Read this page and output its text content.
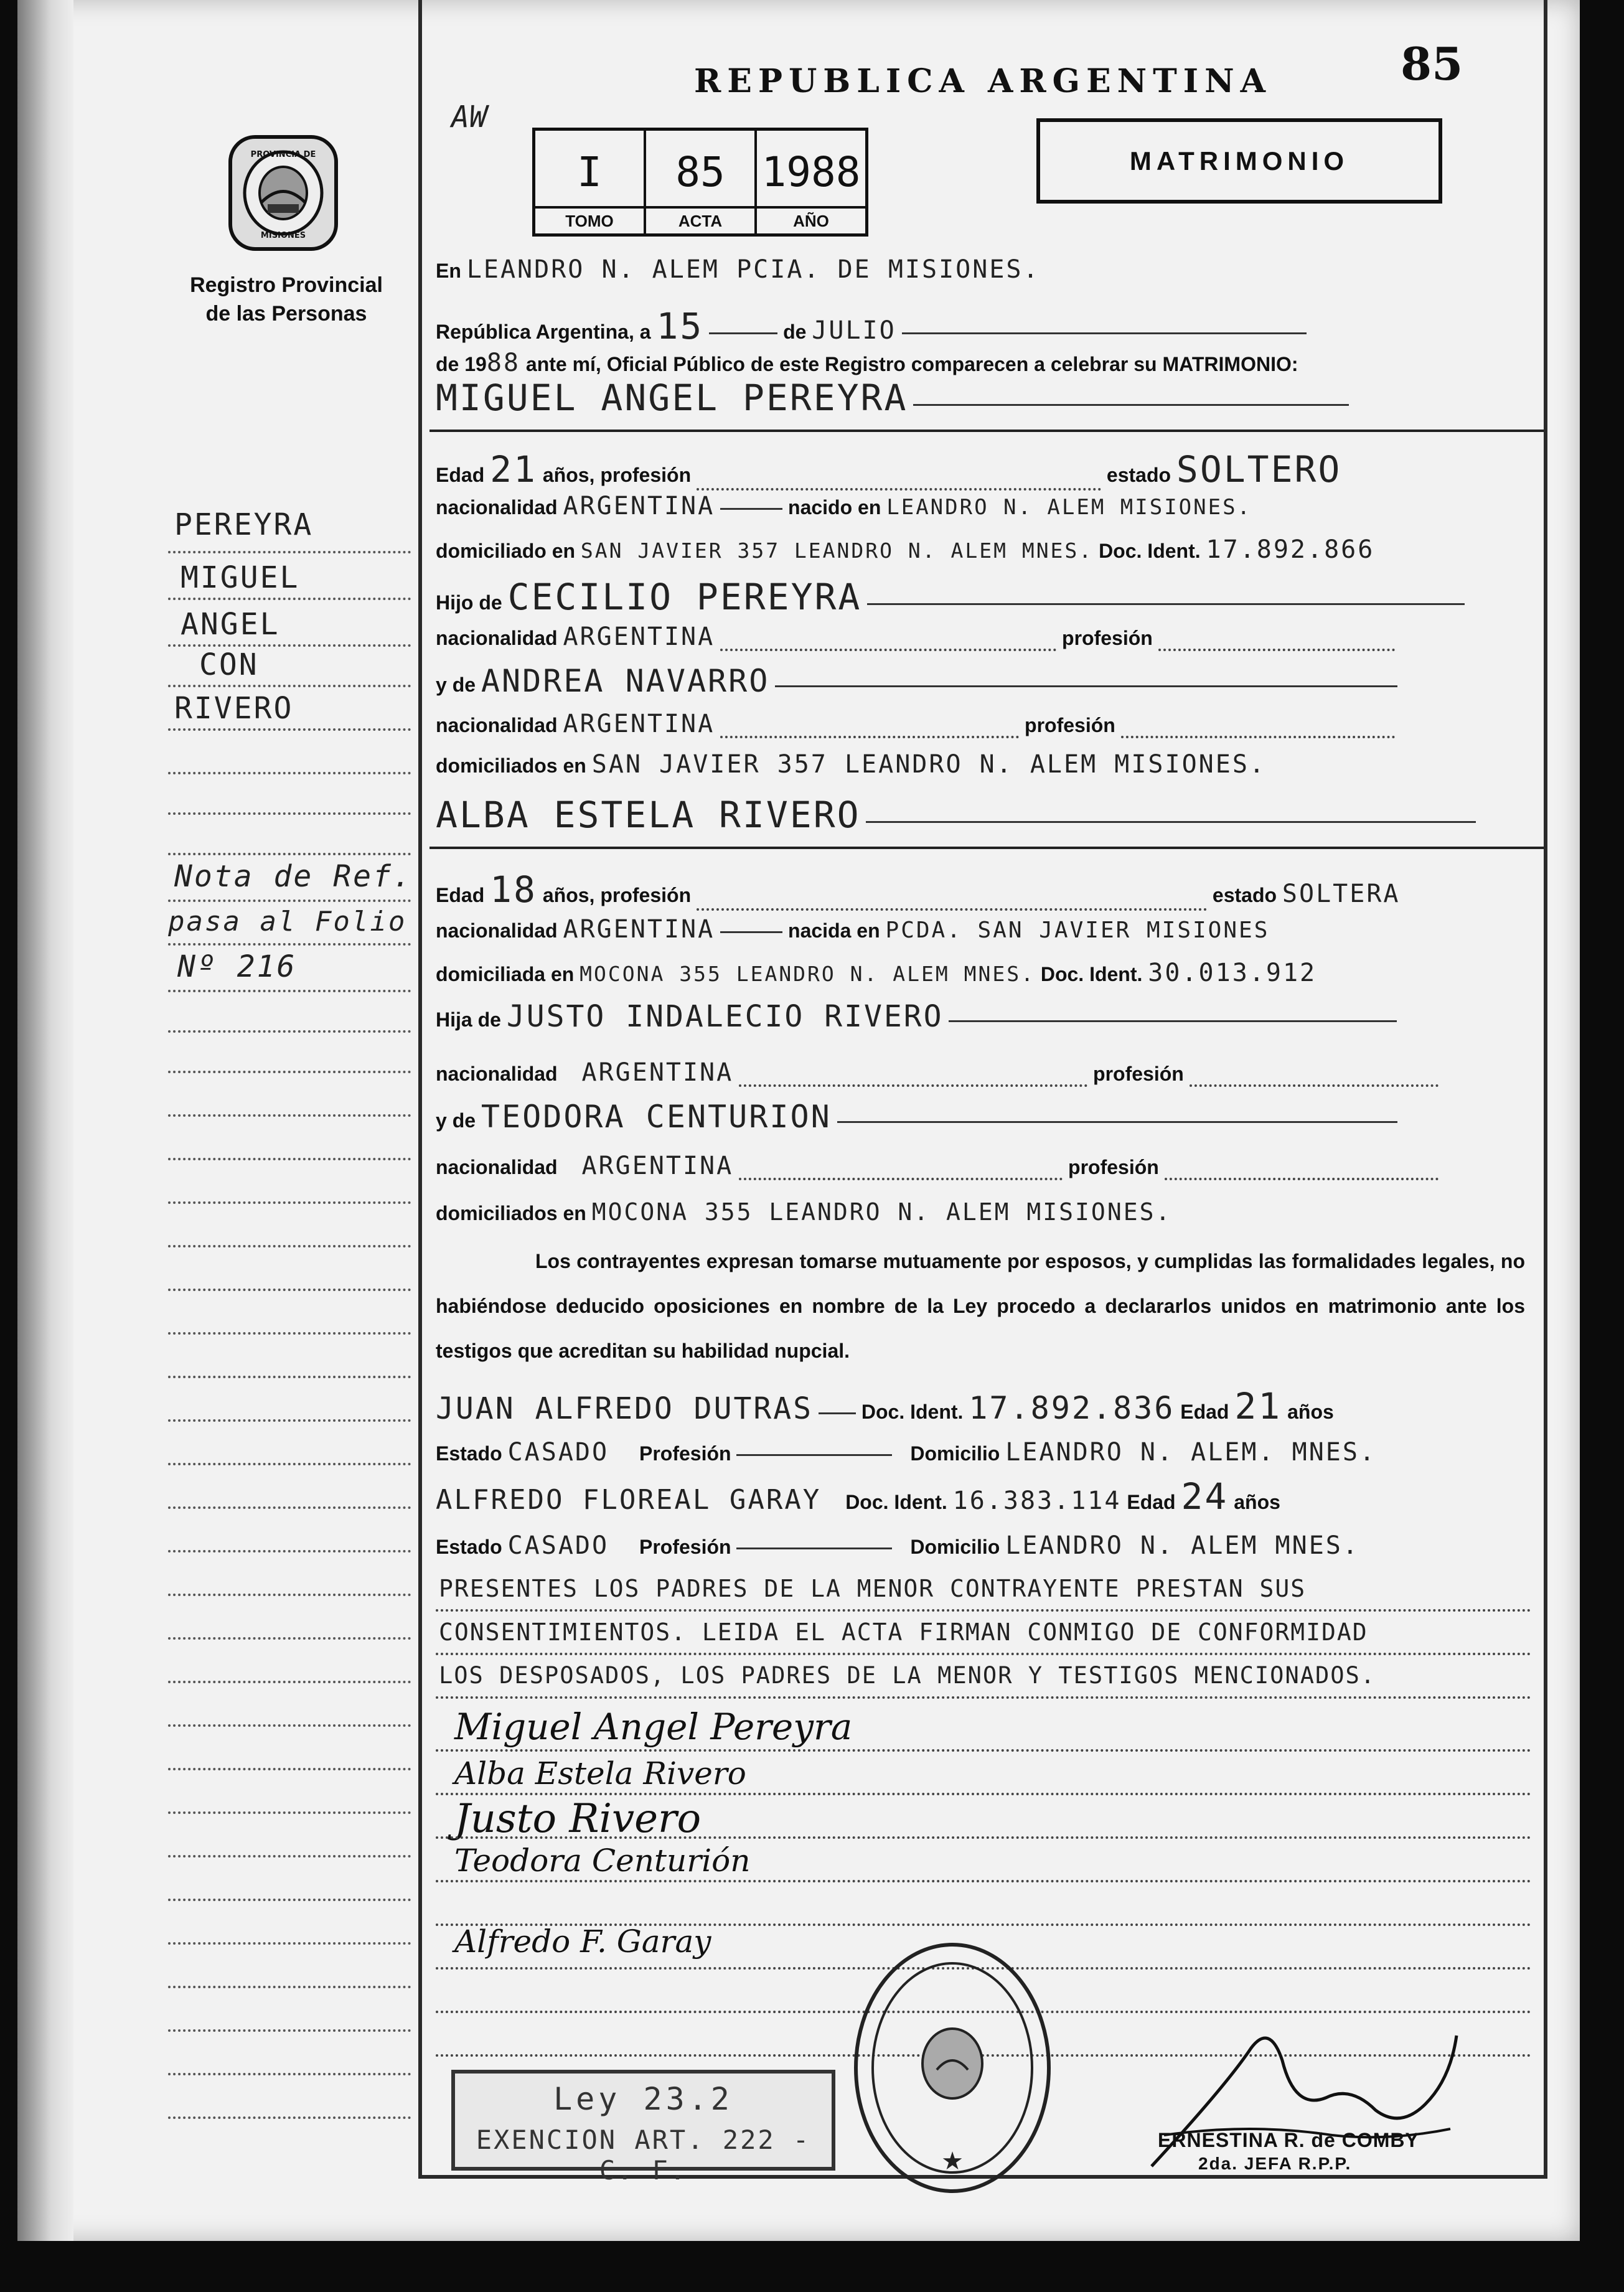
REPUBLICA ARGENTINA	85
AW
I
TOMO
85
ACTA
1988
AÑO
MATRIMONIO
PROVINCIA DE
MISIONES
Registro Provincial
de las Personas
PEREYRA
MIGUEL
ANGEL
CON
RIVERO
Nota de Ref.
pasa al Folio
Nº 216
En LEANDRO N. ALEM PCIA. DE MISIONES.
República Argentina, a 15	de JULIO
de 1988 ante mí, Oficial Público de este Registro comparecen a celebrar su MATRIMONIO:
MIGUEL ANGEL PEREYRA
Edad 21 años, profesión	estado SOLTERO
nacionalidad ARGENTINA	nacido en LEANDRO N. ALEM MISIONES.
domiciliado en SAN JAVIER 357 LEANDRO N. ALEM MNES. Doc. Ident. 17.892.866
Hijo de CECILIO PEREYRA
nacionalidad ARGENTINA	profesión
y de ANDREA NAVARRO
nacionalidad ARGENTINA	profesión
domiciliados en SAN JAVIER 357 LEANDRO N. ALEM MISIONES.
ALBA ESTELA RIVERO
Edad 18 años, profesión	estado SOLTERA
nacionalidad ARGENTINA	nacida en PCDA. SAN JAVIER MISIONES
domiciliada en MOCONA 355 LEANDRO N. ALEM MNES. Doc. Ident. 30.013.912
Hija de JUSTO INDALECIO RIVERO
nacionalidad ARGENTINA	profesión
y de TEODORA CENTURION
nacionalidad ARGENTINA	profesión
domiciliados en MOCONA 355 LEANDRO N. ALEM MISIONES.
Los contrayentes expresan tomarse mutuamente por esposos, y cumplidas las formalidades legales, no habiéndose deducido oposiciones en nombre de la Ley procedo a declararlos unidos en matrimonio ante los testigos que acreditan su habilidad nupcial.
JUAN ALFREDO DUTRAS Doc. Ident. 17.892.836 Edad 21 años
Estado CASADO Profesión	Domicilio LEANDRO N. ALEM. MNES.
ALFREDO FLOREAL GARAY Doc. Ident. 16.383.114 Edad 24 años
Estado CASADO Profesión	Domicilio LEANDRO N. ALEM MNES.
PRESENTES LOS PADRES DE LA MENOR CONTRAYENTE PRESTAN SUS
CONSENTIMIENTOS. LEIDA EL ACTA FIRMAN CONMIGO DE CONFORMIDAD
LOS DESPOSADOS, LOS PADRES DE LA MENOR Y TESTIGOS MENCIONADOS.
Miguel Angel Pereyra
Alba Estela Rivero
Justo Rivero
Teodora Centurión
Alfredo F. Garay
Ley 23.2
EXENCION ART. 222 - C. F.	★
ERNESTINA R. de COMBY
2da. JEFA R.P.P.
